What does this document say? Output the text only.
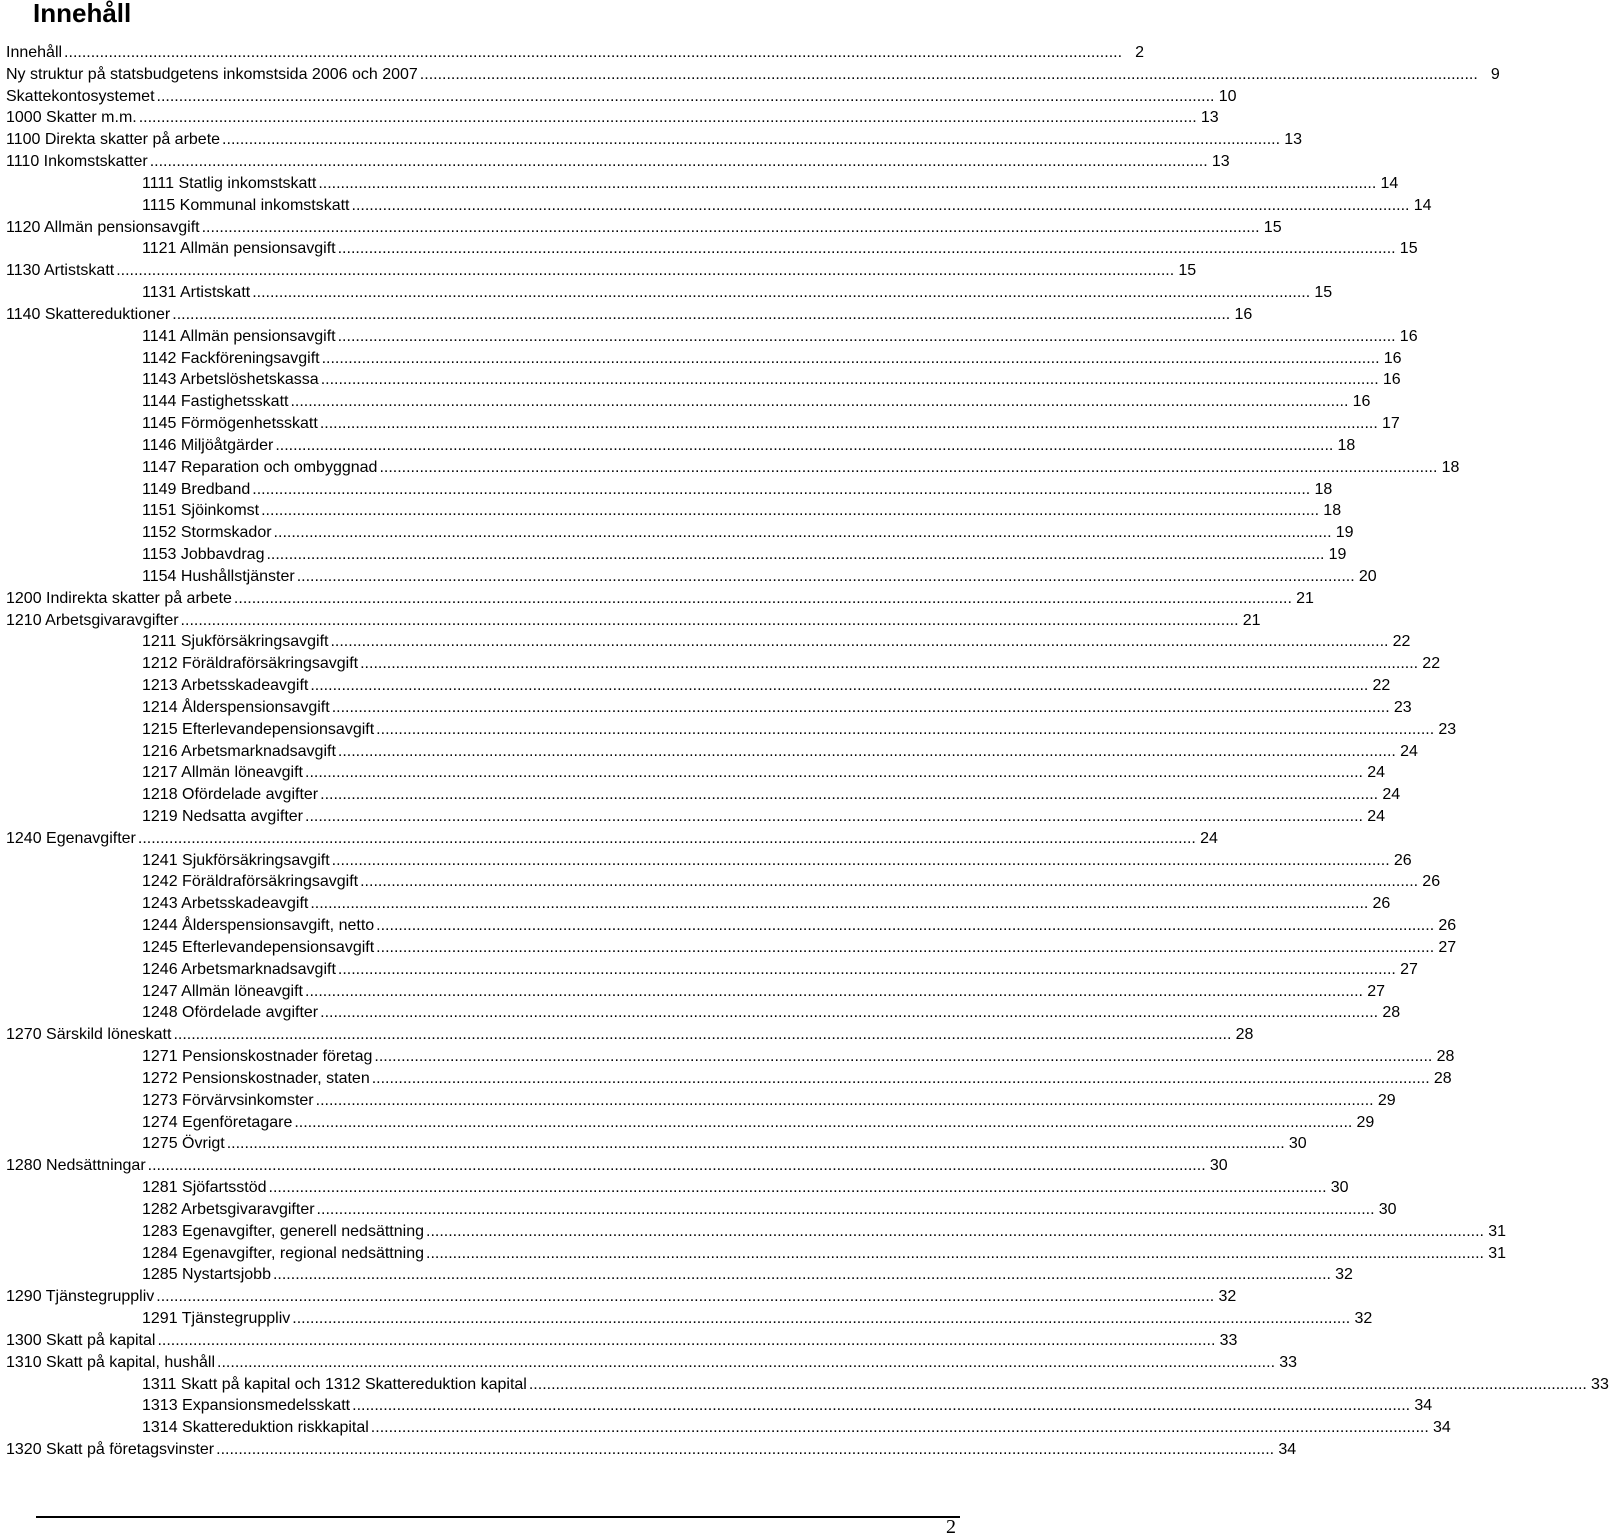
Innehåll
Innehåll .....	2
Ny struktur på statsbudgetens inkomstsida 2006 och 2007 .....	9
Skattekontosystemet .....	10
1000 Skatter m.m. .....	13
1100 Direkta skatter på arbete .....	13
1110 Inkomstskatter .....	13
1111 Statlig inkomstskatt .....	14
1115 Kommunal inkomstskatt .....	14
1120 Allmän pensionsavgift .....	15
1121 Allmän pensionsavgift .....	15
1130 Artistskatt .....	15
1131 Artistskatt .....	15
1140 Skattereduktioner .....	16
1141 Allmän pensionsavgift .....	16
1142 Fackföreningsavgift .....	16
1143 Arbetslöshetskassa .....	16
1144 Fastighetsskatt .....	16
1145 Förmögenhetsskatt .....	17
1146 Miljöåtgärder .....	18
1147 Reparation och ombyggnad .....	18
1149 Bredband .....	18
1151 Sjöinkomst .....	18
1152 Stormskador .....	19
1153 Jobbavdrag .....	19
1154 Hushållstjänster .....	20
1200 Indirekta skatter på arbete .....	21
1210 Arbetsgivaravgifter .....	21
1211 Sjukförsäkringsavgift .....	22
1212 Föräldraförsäkringsavgift .....	22
1213 Arbetsskadeavgift .....	22
1214 Ålderspensionsavgift .....	23
1215 Efterlevandepensionsavgift .....	23
1216 Arbetsmarknadsavgift .....	24
1217 Allmän löneavgift .....	24
1218 Ofördelade avgifter .....	24
1219 Nedsatta avgifter .....	24
1240 Egenavgifter .....	24
1241 Sjukförsäkringsavgift .....	26
1242 Föräldraförsäkringsavgift .....	26
1243 Arbetsskadeavgift .....	26
1244 Ålderspensionsavgift, netto .....	26
1245 Efterlevandepensionsavgift .....	27
1246 Arbetsmarknadsavgift .....	27
1247 Allmän löneavgift .....	27
1248 Ofördelade avgifter .....	28
1270 Särskild löneskatt .....	28
1271 Pensionskostnader företag .....	28
1272 Pensionskostnader, staten .....	28
1273 Förvärvsinkomster .....	29
1274 Egenföretagare .....	29
1275 Övrigt .....	30
1280 Nedsättningar .....	30
1281 Sjöfartsstöd .....	30
1282 Arbetsgivaravgifter .....	30
1283 Egenavgifter, generell nedsättning .....	31
1284 Egenavgifter, regional nedsättning .....	31
1285 Nystartsjobb .....	32
1290 Tjänstegruppliv .....	32
1291 Tjänstegruppliv .....	32
1300 Skatt på kapital .....	33
1310 Skatt på kapital, hushåll .....	33
1311 Skatt på kapital och 1312 Skattereduktion kapital .....	33
1313 Expansionsmedelsskatt .....	34
1314 Skattereduktion riskkapital .....	34
1320 Skatt på företagsvinster .....	34
2
